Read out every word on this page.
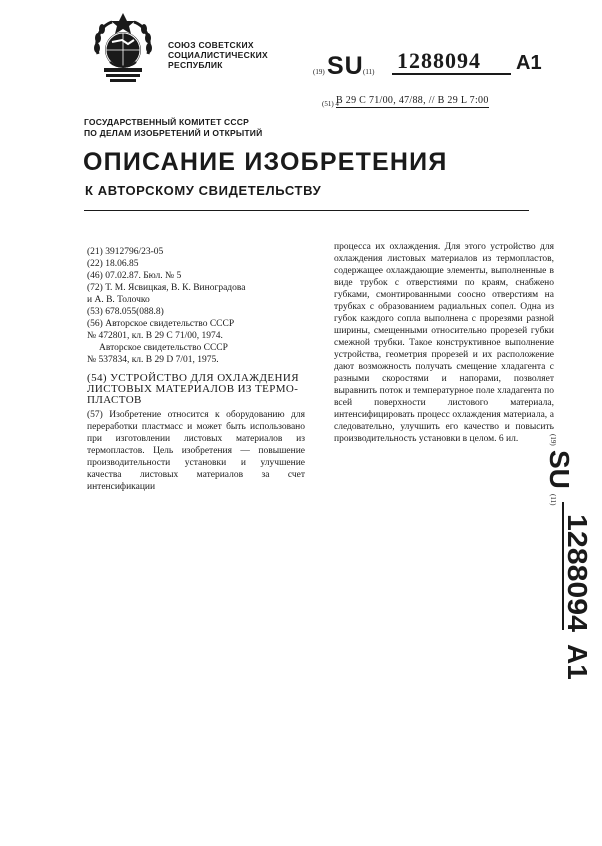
СОЮЗ СОВЕТСКИХ
СОЦИАЛИСТИЧЕСКИХ
РЕСПУБЛИК
(19) SU (11) 1288094 A1
(51) 4
B 29 C 71/00, 47/88, // B 29 L 7:00
ГОСУДАРСТВЕННЫЙ КОМИТЕТ СССР
ПО ДЕЛАМ ИЗОБРЕТЕНИЙ И ОТКРЫТИЙ
ОПИСАНИЕ ИЗОБРЕТЕНИЯ
К АВТОРСКОМУ СВИДЕТЕЛЬСТВУ
(21) 3912796/23-05
(22) 18.06.85
(46) 07.02.87. Бюл. № 5
(72) Т. М. Ясвицкая, В. К. Виноградова
и А. В. Толочко
(53) 678.055(088.8)
(56) Авторское свидетельство СССР
№ 472801, кл. B 29 C 71/00, 1974.
Авторское свидетельство СССР
№ 537834, кл. B 29 D 7/01, 1975.
(54) УСТРОЙСТВО ДЛЯ ОХЛАЖДЕНИЯ
ЛИСТОВЫХ МАТЕРИАЛОВ ИЗ ТЕРМО-
ПЛАСТОВ
(57) Изобретение относится к оборудованию для переработки пластмасс и может быть использовано при изготовлении листовых материалов из термопластов. Цель изобретения — повышение производительности установки и улучшение качества листовых материалов за счет интенсификации
процесса их охлаждения. Для этого устройство для охлаждения листовых материалов из термопластов, содержащее охлаждающие элементы, выполненные в виде трубок с отверстиями по краям, снабжено губками, смонтированными соосно отверстиям на трубках с образованием радиальных сопел. Одна из губок каждого сопла выполнена с прорезями разной ширины, смещенными относительно прорезей губки смежной трубки. Такое конструктивное выполнение устройства, геометрия прорезей и их расположение дают возможность получать смещение хладагента с разными скоростями и напорами, позволяет выравнить поток и температурное поле хладагента по всей поверхности листового материала, интенсифицировать процесс охлаждения материала, а следовательно, улучшить его качество и повысить производительность установки в целом. 6 ил.	(19)
SU
(11)
1288094
A1
